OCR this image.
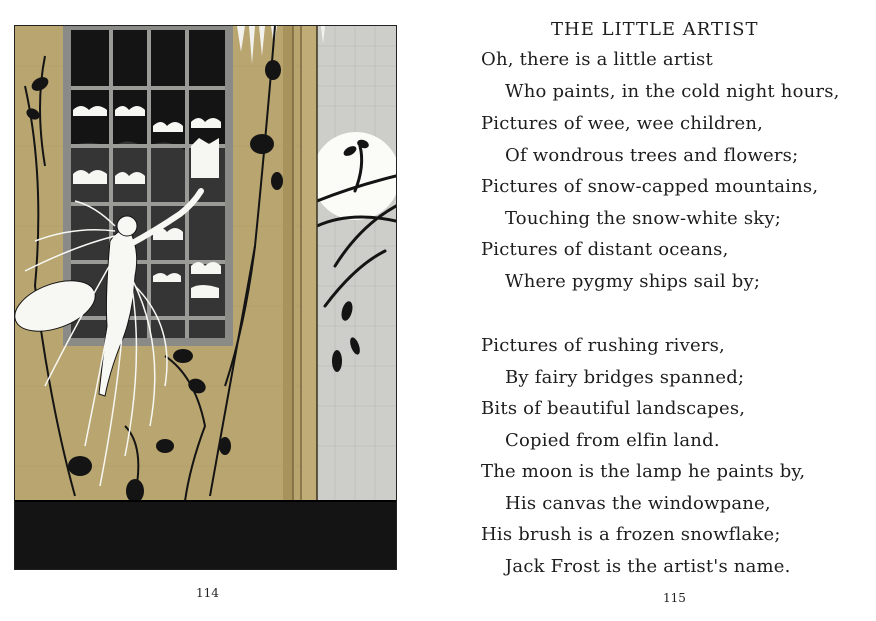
114
THE LITTLE ARTIST
Oh, there is a little artist
Who paints, in the cold night hours,
Pictures of wee, wee children,
Of wondrous trees and flowers;
Pictures of snow-capped mountains,
Touching the snow-white sky;
Pictures of distant oceans,
Where pygmy ships sail by;
Pictures of rushing rivers,
By fairy bridges spanned;
Bits of beautiful landscapes,
Copied from elfin land.
The moon is the lamp he paints by,
His canvas the windowpane,
His brush is a frozen snowflake;
Jack Frost is the artist's name.
115
